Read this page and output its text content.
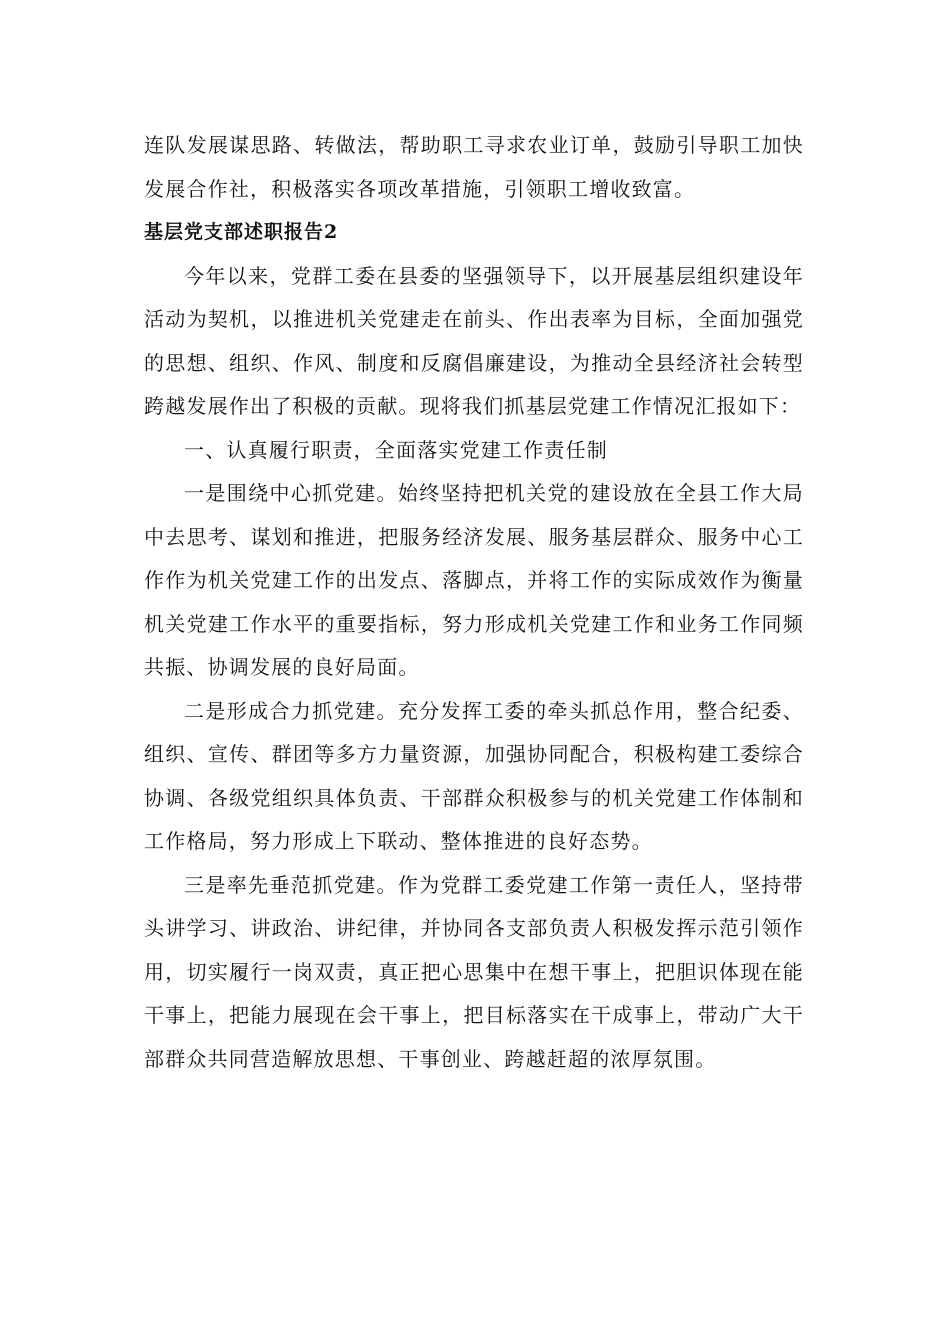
连队发展谋思路、转做法，帮助职工寻求农业订单，鼓励引导职工加快发展合作社，积极落实各项改革措施，引领职工增收致富。

基层党支部述职报告2

今年以来，党群工委在县委的坚强领导下，以开展基层组织建设年活动为契机，以推进机关党建走在前头、作出表率为目标，全面加强党的思想、组织、作风、制度和反腐倡廉建设，为推动全县经济社会转型跨越发展作出了积极的贡献。现将我们抓基层党建工作情况汇报如下：

一、认真履行职责，全面落实党建工作责任制

一是围绕中心抓党建。始终坚持把机关党的建设放在全县工作大局中去思考、谋划和推进，把服务经济发展、服务基层群众、服务中心工作作为机关党建工作的出发点、落脚点，并将工作的实际成效作为衡量机关党建工作水平的重要指标，努力形成机关党建工作和业务工作同频共振、协调发展的良好局面。

二是形成合力抓党建。充分发挥工委的牵头抓总作用，整合纪委、组织、宣传、群团等多方力量资源，加强协同配合，积极构建工委综合协调、各级党组织具体负责、干部群众积极参与的机关党建工作体制和工作格局，努力形成上下联动、整体推进的良好态势。

三是率先垂范抓党建。作为党群工委党建工作第一责任人，坚持带头讲学习、讲政治、讲纪律，并协同各支部负责人积极发挥示范引领作用，切实履行一岗双责，真正把心思集中在想干事上，把胆识体现在能干事上，把能力展现在会干事上，把目标落实在干成事上，带动广大干部群众共同营造解放思想、干事创业、跨越赶超的浓厚氛围。
